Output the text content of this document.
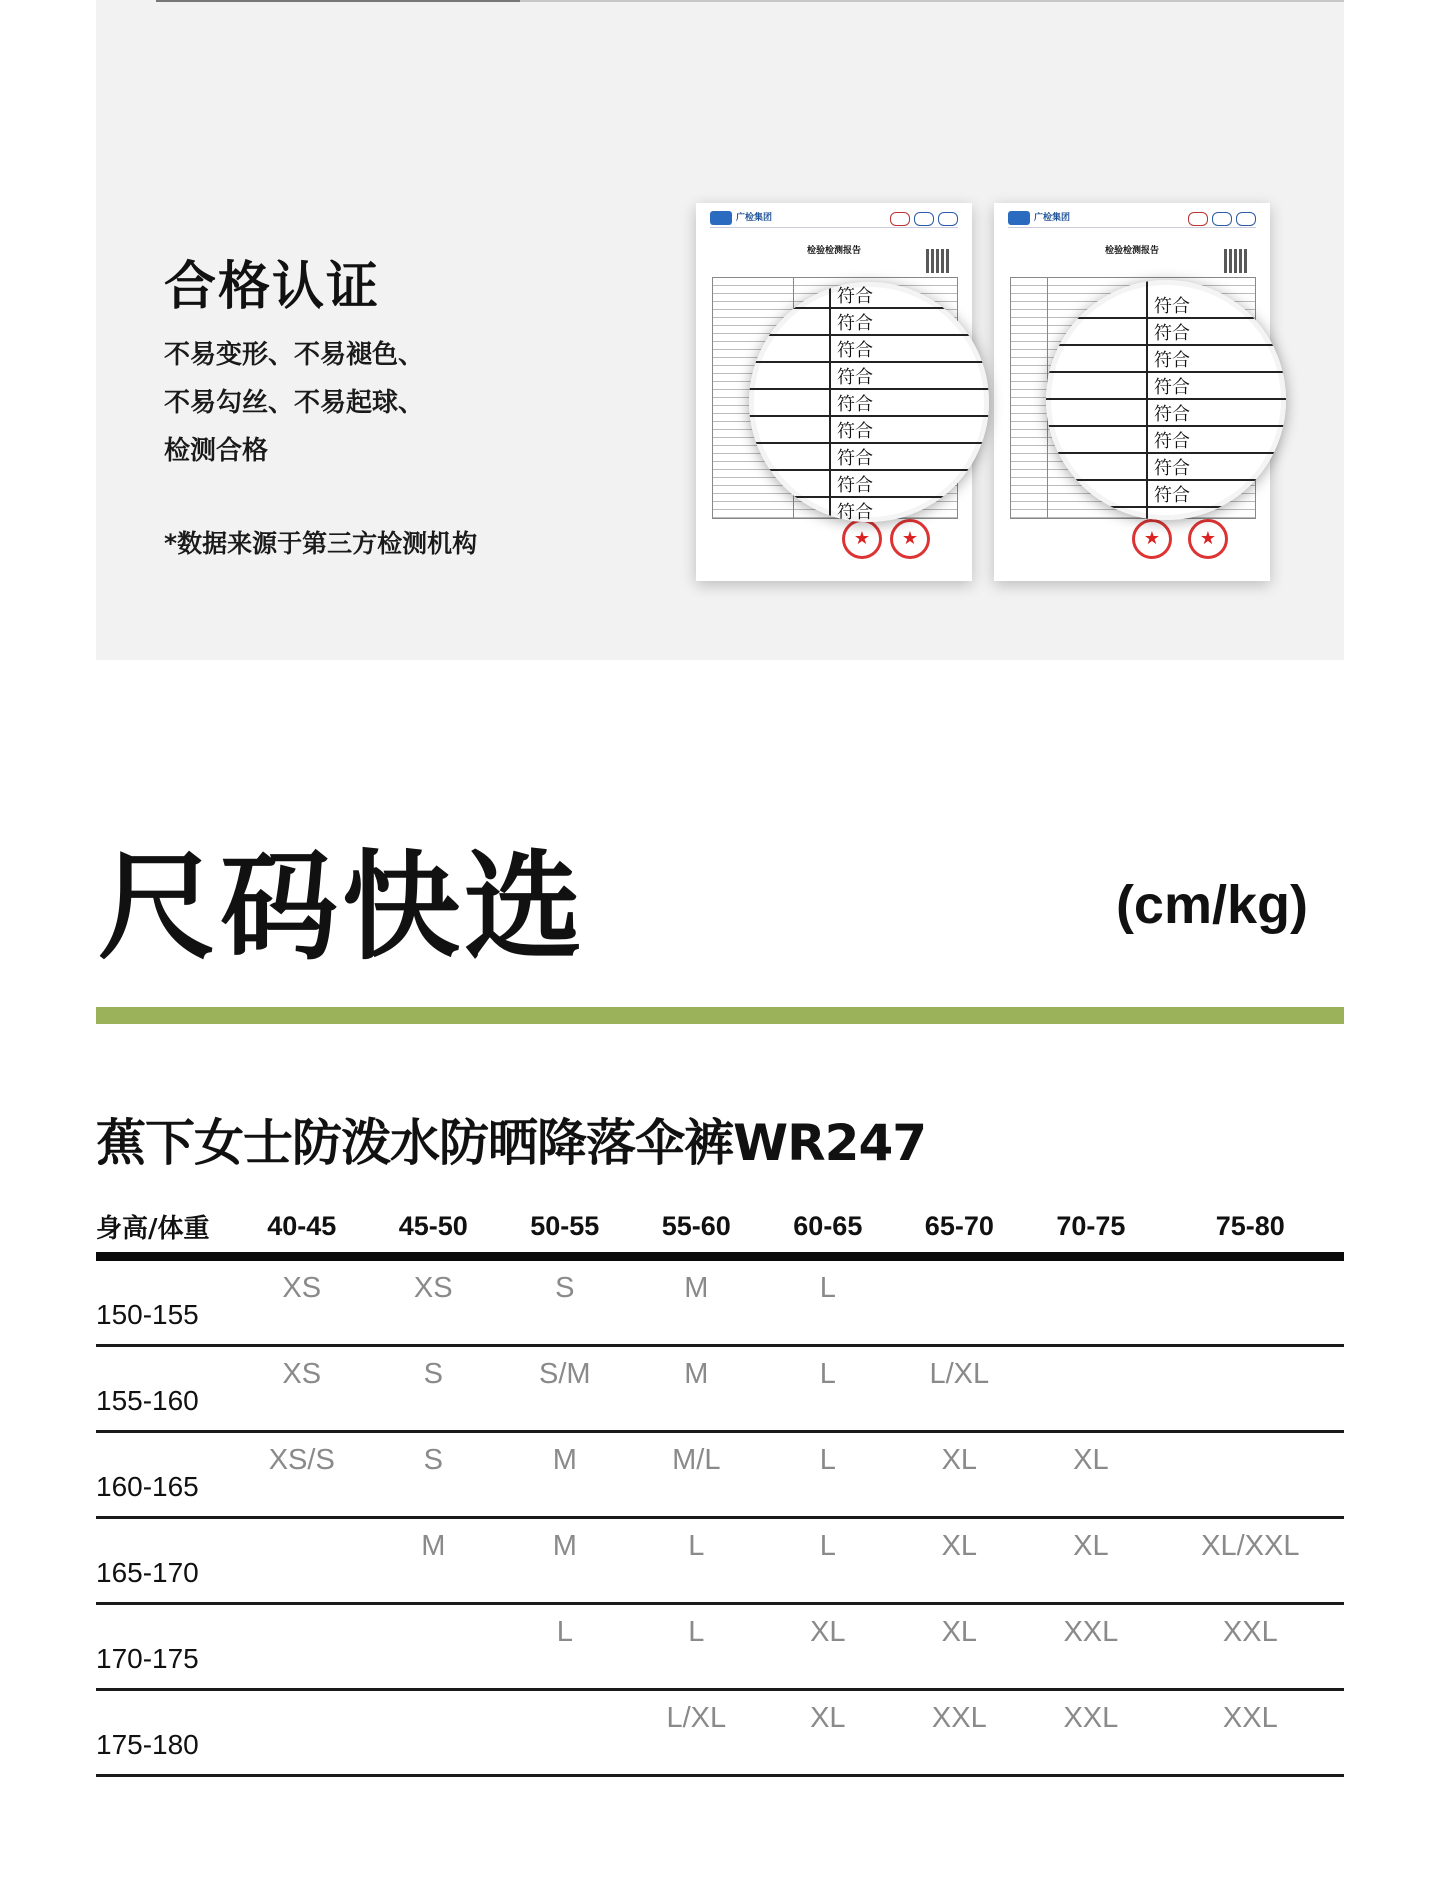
合格认证
不易变形、不易褪色、
不易勾丝、不易起球、
检测合格
*数据来源于第三方检测机构
广检集团
检验检测报告
★
★
广检集团
检验检测报告
★
★
符合
符合
符合
符合
符合
符合
符合
符合
符合
符合
符合
符合
符合
符合
符合
符合
符合
尺码快选	(cm/kg)
蕉下女士防泼水防晒降落伞裤WR247
身高/体重	40-45	45-50	50-55	55-60	60-65	65-70	70-75	75-80
150-155	XS	XS	S	M	L			
155-160	XS	S	S/M	M	L	L/XL		
160-165	XS/S	S	M	M/L	L	XL	XL	
165-170		M	M	L	L	XL	XL	XL/XXL
170-175			L	L	XL	XL	XXL	XXL
175-180				L/XL	XL	XXL	XXL	XXL
